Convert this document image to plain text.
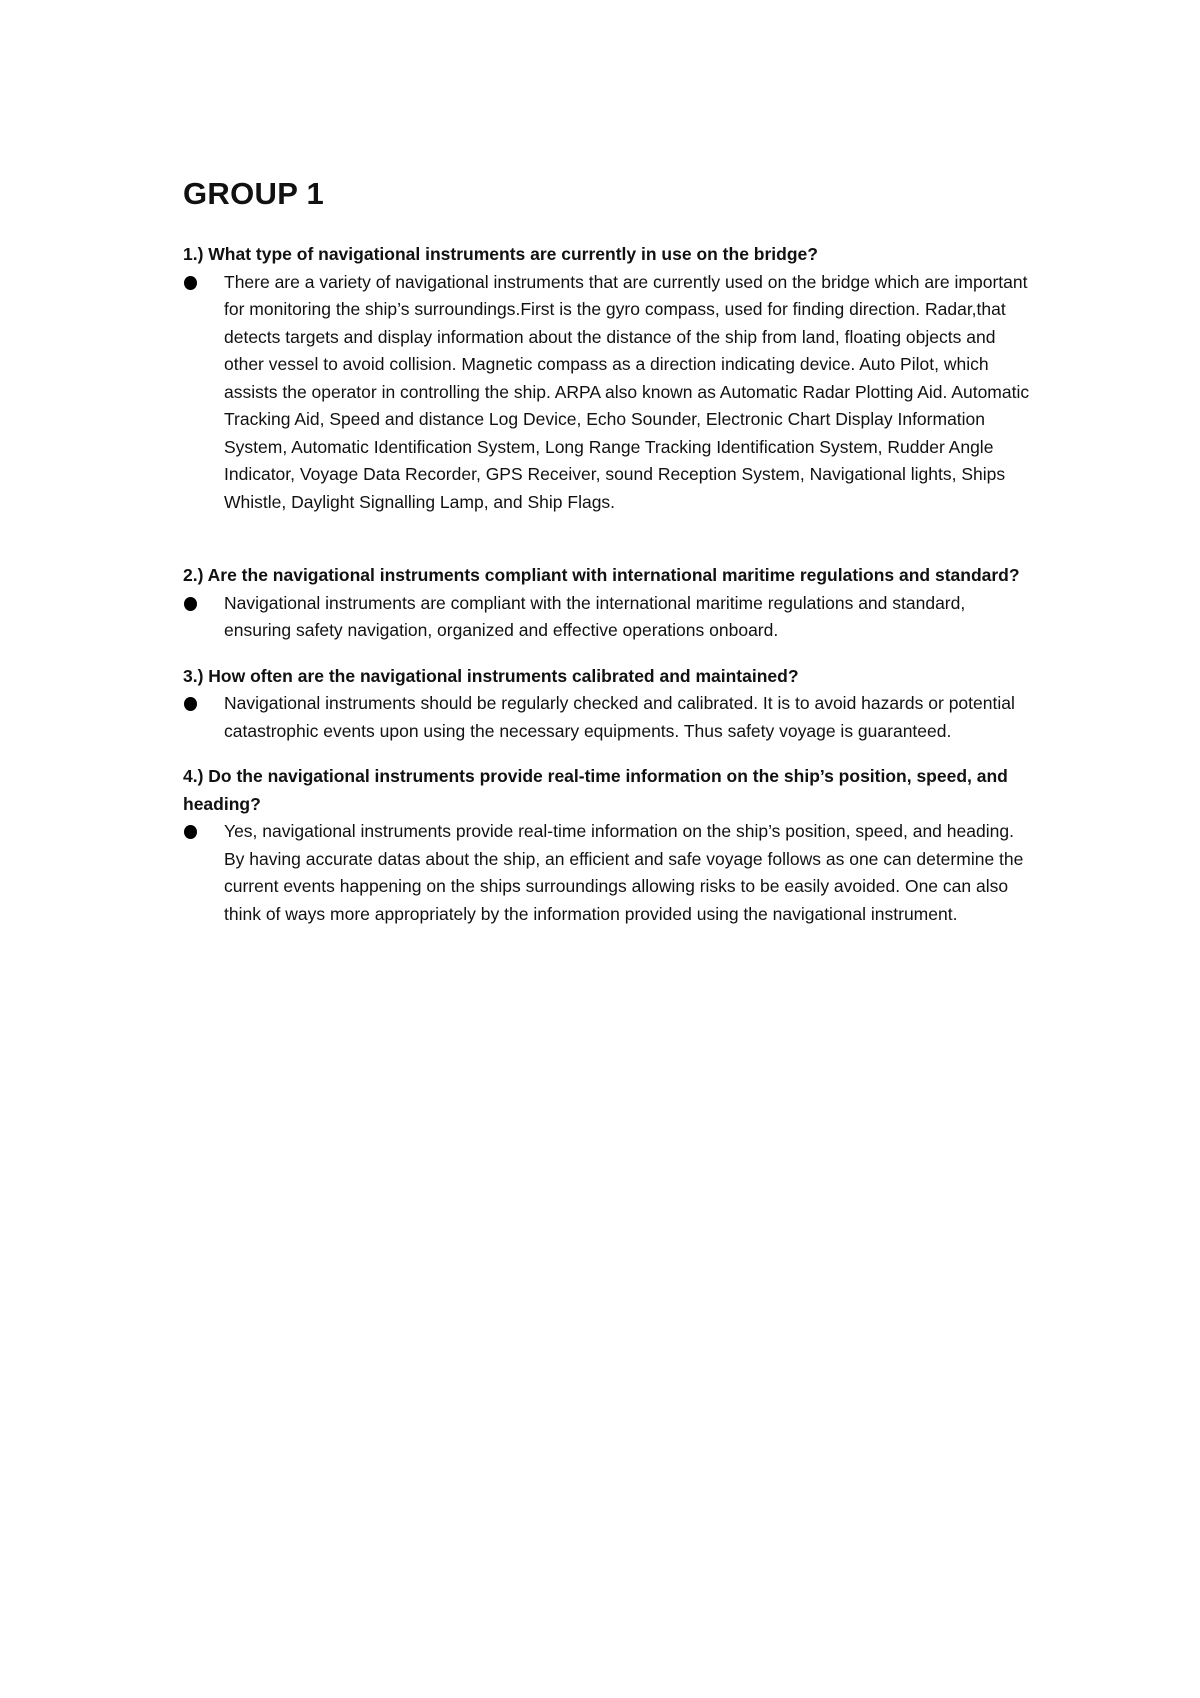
GROUP 1

1.) What type of navigational instruments are currently in use on the bridge?

There are a variety of navigational instruments that are currently used on the bridge which are important for monitoring the ship’s surroundings.First is the gyro compass, used for finding direction. Radar,that detects targets and display information about the distance of the ship from land, floating objects and other vessel to avoid collision. Magnetic compass as a direction indicating device. Auto Pilot, which assists the operator in controlling the ship. ARPA also known as Automatic Radar Plotting Aid. Automatic Tracking Aid, Speed and distance Log Device, Echo Sounder, Electronic Chart Display Information System, Automatic Identification System, Long Range Tracking Identification System, Rudder Angle Indicator, Voyage Data Recorder, GPS Receiver, sound Reception System, Navigational lights, Ships Whistle, Daylight Signalling Lamp, and Ship Flags.

2.) Are the navigational instruments compliant with international maritime regulations and standard?

Navigational instruments are compliant with the international maritime regulations and standard, ensuring safety navigation, organized and effective operations onboard.

3.) How often are the navigational instruments calibrated and maintained?

Navigational instruments should be regularly checked and calibrated. It is to avoid hazards or potential catastrophic events upon using the necessary equipments. Thus safety voyage is guaranteed.

4.) Do the navigational instruments provide real-time information on the ship’s position, speed, and heading?

Yes, navigational instruments provide real-time information on the ship’s position, speed, and heading. By having accurate datas about the ship, an efficient and safe voyage follows as one can determine the current events happening on the ships surroundings allowing risks to be easily avoided. One can also think of ways more appropriately by the information provided using the navigational instrument.
